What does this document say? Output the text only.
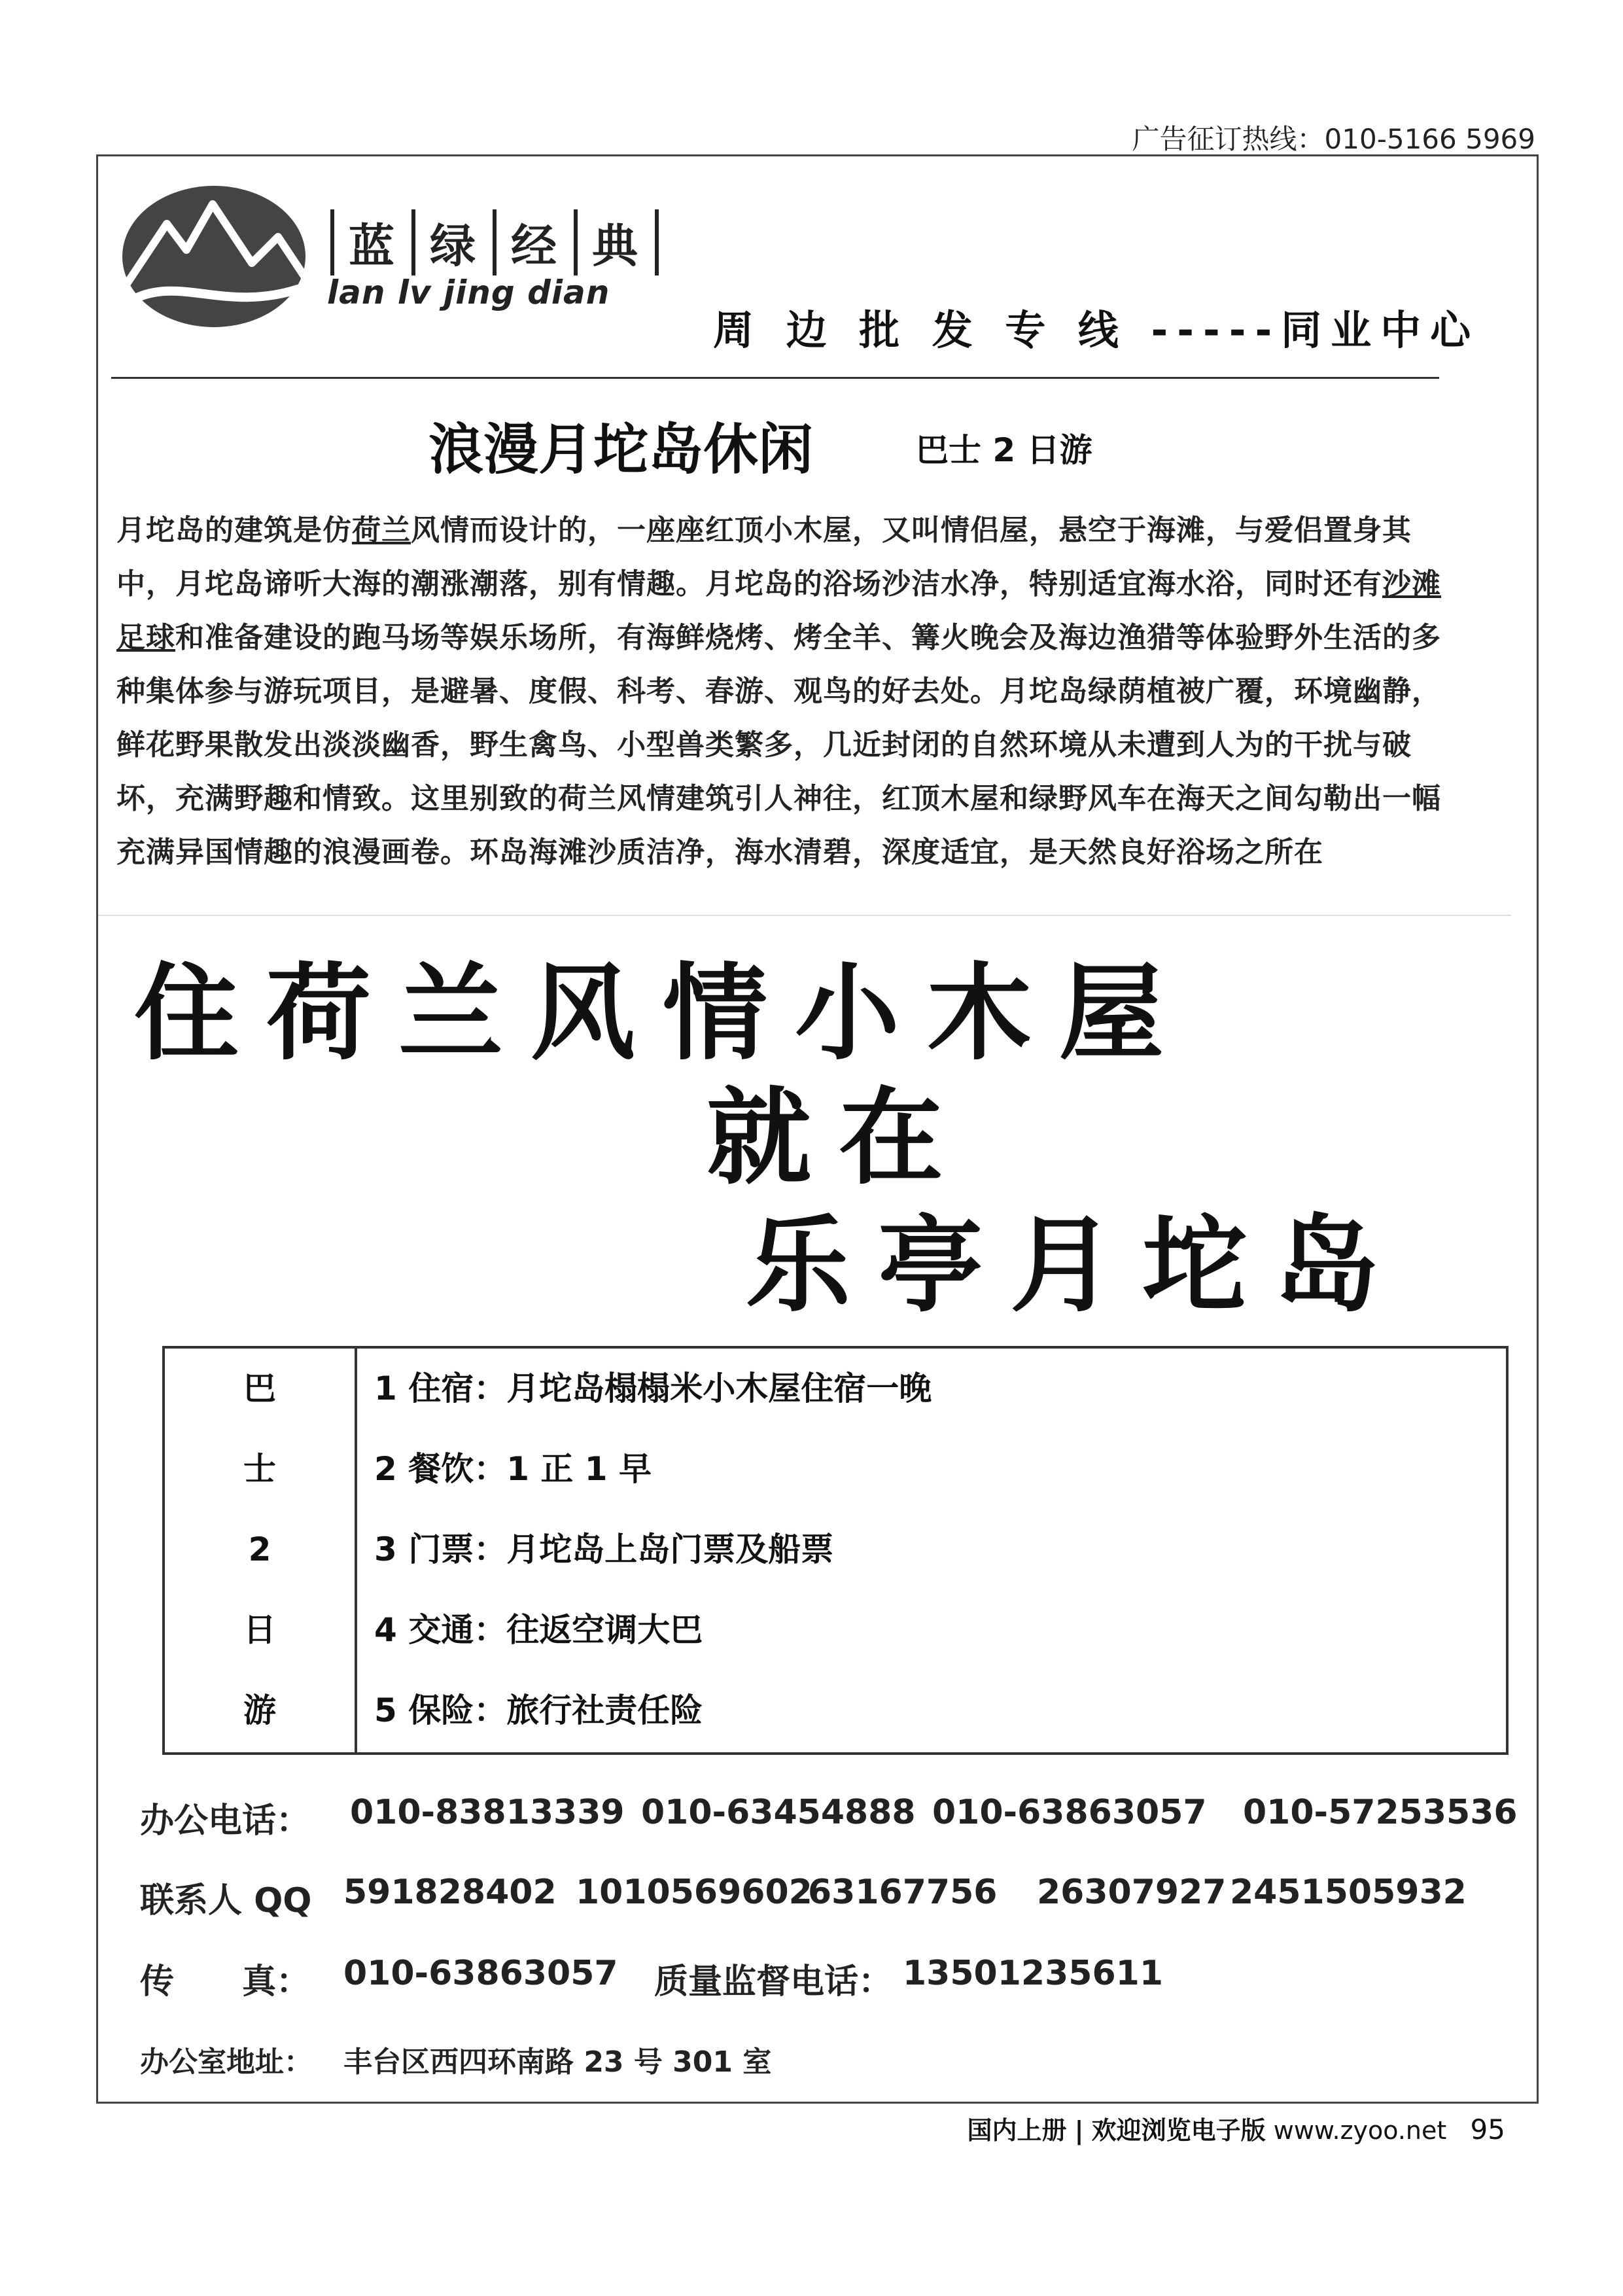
广告征订热线：010-5166 5969
蓝 绿 经 典
lan lv jing dian
周 边 批 发 专 线 -----同业中心
浪漫月坨岛休闲	巴士 2 日游
月坨岛的建筑是仿荷兰风情而设计的，一座座红顶小木屋，又叫情侣屋，悬空于海滩，与爱侣置身其中，月坨岛谛听大海的潮涨潮落，别有情趣。月坨岛的浴场沙洁水净，特别适宜海水浴，同时还有沙滩足球和准备建设的跑马场等娱乐场所，有海鲜烧烤、烤全羊、篝火晚会及海边渔猎等体验野外生活的多种集体参与游玩项目，是避暑、度假、科考、春游、观鸟的好去处。月坨岛绿荫植被广覆，环境幽静，鲜花野果散发出淡淡幽香，野生禽鸟、小型兽类繁多，几近封闭的自然环境从未遭到人为的干扰与破坏，充满野趣和情致。这里别致的荷兰风情建筑引人神往，红顶木屋和绿野风车在海天之间勾勒出一幅充满异国情趣的浪漫画卷。环岛海滩沙质洁净，海水清碧，深度适宜，是天然良好浴场之所在
住荷兰风情小木屋
就在
乐亭月坨岛
巴
士
2
日
游
1 住宿：月坨岛榻榻米小木屋住宿一晚
2 餐饮：1 正 1 早
3 门票：月坨岛上岛门票及船票
4 交通：往返空调大巴
5 保险：旅行社责任险
办公电话： 010-83813339 010-63454888 010-63863057 010-57253536
联系人 QQ 591828402 1010569602
63167756 26307927 2451505932
传　　真： 010-63863057 质量监督电话： 13501235611
办公室地址： 丰台区西四环南路 23 号 301 室
国内上册 | 欢迎浏览电子版 www.zyoo.net 95
